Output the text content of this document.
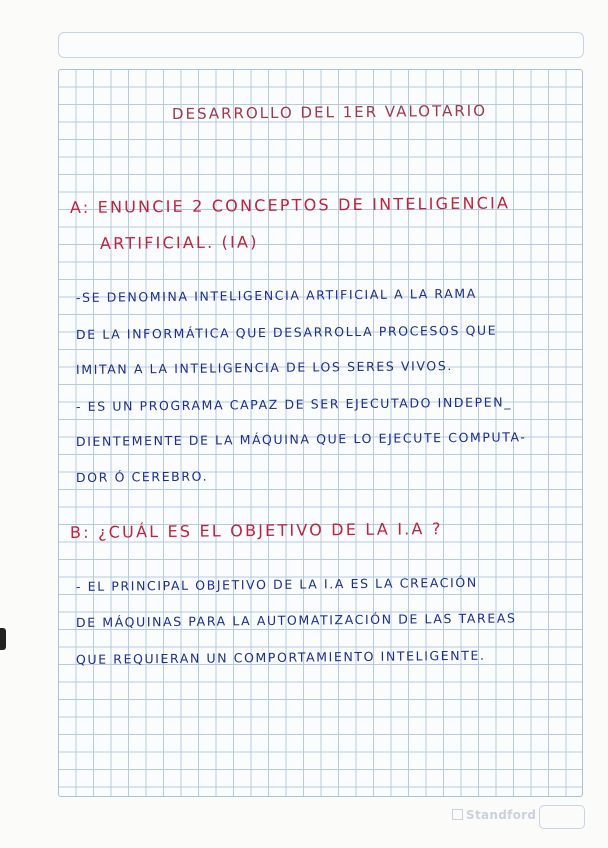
DESARROLLO DEL 1ER VALOTARIO
A: ENUNCIE 2 CONCEPTOS DE INTELIGENCIA
ARTIFICIAL. (IA)
-SE DENOMINA INTELIGENCIA ARTIFICIAL A LA RAMA
DE LA INFORMÁTICA QUE DESARROLLA PROCESOS QUE
IMITAN A LA INTELIGENCIA DE LOS SERES VIVOS.
- ES UN PROGRAMA CAPAZ DE SER EJECUTADO INDEPEN_
DIENTEMENTE DE LA MÁQUINA QUE LO EJECUTE COMPUTA-
DOR Ó CEREBRO.
B: ¿CUÁL ES EL OBJETIVO DE LA I.A ?
- EL PRINCIPAL OBJETIVO DE LA I.A ES LA CREACIÓN
DE MÁQUINAS PARA LA AUTOMATIZACIÓN DE LAS TAREAS
QUE REQUIERAN UN COMPORTAMIENTO INTELIGENTE.
Standford
